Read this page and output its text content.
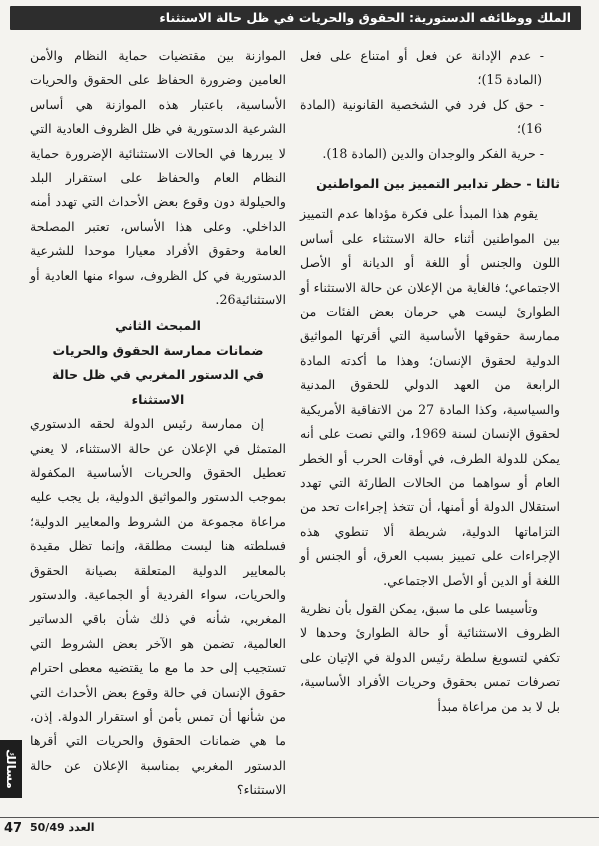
الملك ووظائفه الدستورية: الحقوق والحريات في ظل حالة الاستثناء

- عدم الإدانة عن فعل أو امتناع على فعل (المادة 15)؛

- حق كل فرد في الشخصية القانونية (المادة 16)؛

- حرية الفكر والوجدان والدين (المادة 18).

ثالثا - حظر تدابير التمييز بين المواطنين

يقوم هذا المبدأ على فكرة مؤداها عدم التمييز بين المواطنين أثناء حالة الاستثناء على أساس اللون والجنس أو اللغة أو الديانة أو الأصل الاجتماعي؛ فالغاية من الإعلان عن حالة الاستثناء أو الطوارئ ليست هي حرمان بعض الفئات من ممارسة حقوقها الأساسية التي أقرتها المواثيق الدولية لحقوق الإنسان؛ وهذا ما أكدته المادة الرابعة من العهد الدولي للحقوق المدنية والسياسية، وكذا المادة 27 من الاتفاقية الأمريكية لحقوق الإنسان لسنة 1969، والتي نصت على أنه يمكن للدولة الطرف، في أوقات الحرب أو الخطر العام أو سواهما من الحالات الطارئة التي تهدد استقلال الدولة أو أمنها، أن تتخذ إجراءات تحد من التزاماتها الدولية، شريطة ألا تنطوي هذه الإجراءات على تمييز بسبب العرق، أو الجنس أو اللغة أو الدين أو الأصل الاجتماعي.

وتأسيسا على ما سبق، يمكن القول بأن نظرية الظروف الاستثنائية أو حالة الطوارئ وحدها لا تكفي لتسويغ سلطة رئيس الدولة في الإتيان على تصرفات تمس بحقوق وحريات الأفراد الأساسية، بل لا بد من مراعاة مبدأ

الموازنة بين مقتضيات حماية النظام والأمن العامين وضرورة الحفاظ على الحقوق والحريات الأساسية، باعتبار هذه الموازنة هي أساس الشرعية الدستورية في ظل الظروف العادية التي لا يبررها في الحالات الاستثنائية الإضرورة حماية النظام العام والحفاظ على استقرار البلد والحيلولة دون وقوع بعض الأحداث التي تهدد أمنه الداخلي. وعلى هذا الأساس، تعتبر المصلحة العامة وحقوق الأفراد معيارا موحدا للشرعية الدستورية في كل الظروف، سواء منها العادية أو الاستثنائية26.

المبحث الثاني

ضمانات ممارسة الحقوق والحريات

في الدستور المغربي في ظل حالة الاستثناء

إن ممارسة رئيس الدولة لحقه الدستوري المتمثل في الإعلان عن حالة الاستثناء، لا يعني تعطيل الحقوق والحريات الأساسية المكفولة بموجب الدستور والمواثيق الدولية، بل يجب عليه مراعاة مجموعة من الشروط والمعايير الدولية؛ فسلطته هنا ليست مطلقة، وإنما تظل مقيدة بالمعايير الدولية المتعلقة بصيانة الحقوق والحريات، سواء الفردية أو الجماعية. والدستور المغربي، شأنه في ذلك شأن باقي الدساتير العالمية، تضمن هو الآخر بعض الشروط التي تستجيب إلى حد ما مع ما يقتضيه معطى احترام حقوق الإنسان في حالة وقوع بعض الأحداث التي من شأنها أن تمس بأمن أو استقرار الدولة. إذن، ما هي ضمانات الحقوق والحريات التي أقرها الدستور المغربي بمناسبة الإعلان عن حالة الاستثناء؟

مسالك
العدد 50/49
47
